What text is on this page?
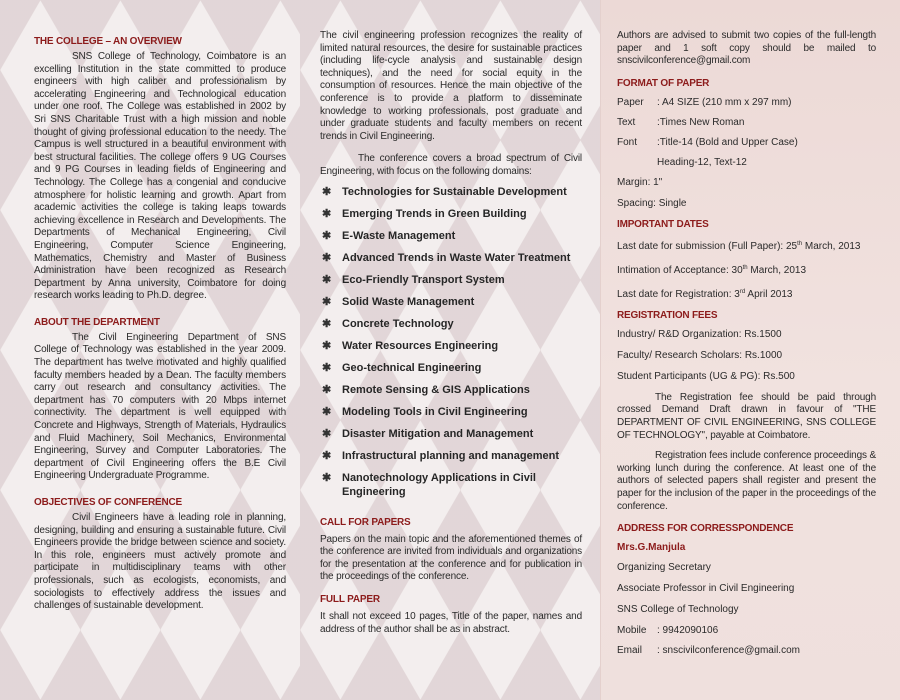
THE COLLEGE – AN OVERVIEW

SNS College of Technology, Coimbatore is an excelling Institution in the state committed to produce engineers with high caliber and professionalism by accelerating Engineering and Technological education under one roof. The College was established in 2002 by Sri SNS Charitable Trust with a high mission and noble thought of giving professional education to the needy. The Campus is well structured in a beautiful environment with best structural facilities. The college offers 9 UG Courses and 9 PG Courses in leading fields of Engineering and Technology. The College has a congenial and conducive atmosphere for holistic learning and growth. Apart from academic activities the college is taking leaps towards achieving excellence in Research and Developments. The Departments of Mechanical Engineering, Civil Engineering, Computer Science Engineering, Mathematics, Chemistry and Master of Business Administration have been recognized as Research Department by Anna university, Coimbatore for doing research works leading to Ph.D. degree.

ABOUT THE DEPARTMENT

The Civil Engineering Department of SNS College of Technology was established in the year 2009. The department has twelve motivated and highly qualified faculty members headed by a Dean. The faculty members carry out research and consultancy activities. The department has 70 computers with 20 Mbps internet connectivity. The department is well equipped with Concrete and Highways, Strength of Materials, Hydraulics and Fluid Machinery, Soil Mechanics, Environmental Engineering, Survey and Computer Laboratories. The department of Civil Engineering offers the B.E Civil Engineering Undergraduate Programme.

OBJECTIVES OF CONFERENCE

Civil Engineers have a leading role in planning, designing, building and ensuring a sustainable future. Civil Engineers provide the bridge between science and society. In this role, engineers must actively promote and participate in multidisciplinary teams with other professionals, such as ecologists, economists, and sociologists to effectively address the issues and challenges of sustainable development.

The civil engineering profession recognizes the reality of limited natural resources, the desire for sustainable practices (including life-cycle analysis and sustainable design techniques), and the need for social equity in the consumption of resources. Hence the main objective of the conference is to provide a platform to disseminate knowledge to working professionals, post graduate and under graduate students and faculty members on recent trends in Civil Engineering.

The conference covers a broad spectrum of Civil Engineering, with focus on the following domains:

✱ Technologies for Sustainable Development
✱ Emerging Trends in Green Building
✱ E-Waste Management
✱ Advanced Trends in Waste Water Treatment
✱ Eco-Friendly Transport System
✱ Solid Waste Management
✱ Concrete Technology
✱ Water Resources Engineering
✱ Geo-technical Engineering
✱ Remote Sensing & GIS Applications
✱ Modeling Tools in Civil Engineering
✱ Disaster Mitigation and Management
✱ Infrastructural planning and management
✱ Nanotechnology Applications in Civil Engineering
CALL FOR PAPERS

Papers on the main topic and the aforementioned themes of the conference are invited from individuals and organizations for the presentation at the conference and for publication in the proceedings of the conference.

FULL PAPER

It shall not exceed 10 pages, Title of the paper, names and address of the author shall be as in abstract.

Authors are advised to submit two copies of the full-length paper and 1 soft copy should be mailed to snscivilconference@gmail.com

FORMAT OF PAPER
Paper	: A4 SIZE (210 mm x 297 mm)
Text	:Times New Roman
Font	:Title-14 (Bold and Upper Case)
Heading-12, Text-12
Margin: 1"
Spacing: Single
IMPORTANT DATES
Last date for submission (Full Paper): 25th March, 2013
Intimation of Acceptance: 30th March, 2013
Last date for Registration: 3rd April 2013
REGISTRATION FEES
Industry/ R&D Organization: Rs.1500
Faculty/ Research Scholars: Rs.1000
Student Participants (UG & PG): Rs.500

The Registration fee should be paid through crossed Demand Draft drawn in favour of "THE DEPARTMENT OF CIVIL ENGINEERING, SNS COLLEGE OF TECHNOLOGY", payable at Coimbatore.

Registration fees include conference proceedings & working lunch during the conference. At least one of the authors of selected papers shall register and present the paper for the inclusion of the paper in the proceedings of the conference.

ADDRESS FOR CORRESSPONDENCE
Mrs.G.Manjula
Organizing Secretary
Associate Professor in Civil Engineering
SNS College of Technology
Mobile	: 9942090106
Email	: snscivilconference@gmail.com
